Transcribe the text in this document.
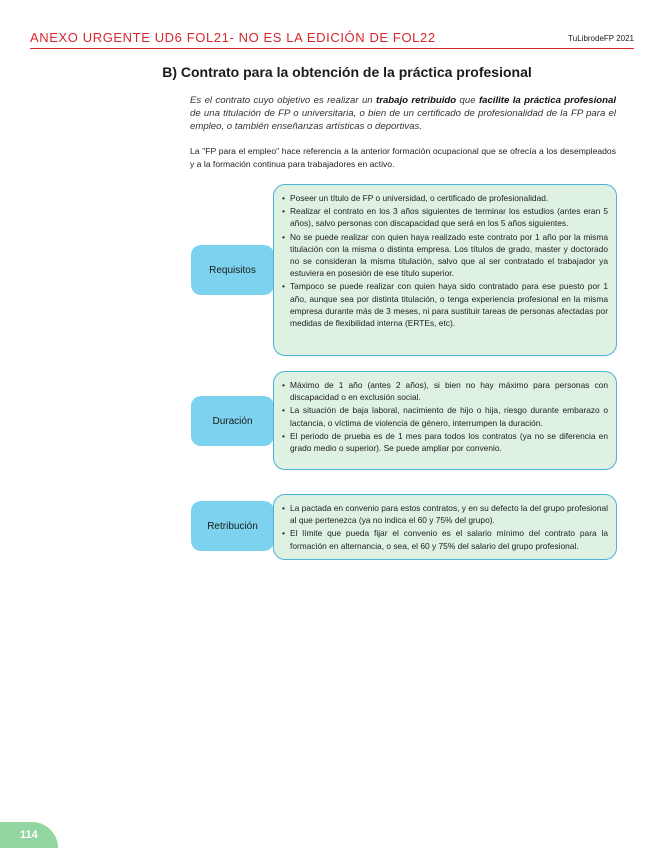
ANEXO URGENTE UD6 FOL21- NO ES LA EDICIÓN DE FOL22	TuLibrodeFP 2021
B) Contrato para la obtención de la práctica profesional
Es el contrato cuyo objetivo es realizar un trabajo retribuido que facilite la práctica profesional de una titulación de FP o universitaria, o bien de un certificado de profesionalidad de la FP para el empleo, o también enseñanzas artísticas o deportivas.
La "FP para el empleo" hace referencia a la anterior formación ocupacional que se ofrecía a los desempleados y a la formación continua para trabajadores en activo.
Requisitos
• Poseer un título de FP o universidad, o certificado de profesionalidad.
• Realizar el contrato en los 3 años siguientes de terminar los estudios (antes eran 5 años), salvo personas con discapacidad que será en los 5 años siguientes.
• No se puede realizar con quien haya realizado este contrato por 1 año por la misma titulación con la misma o distinta empresa. Los títulos de grado, master y doctorado no se consideran la misma titulación, salvo que al ser contratado el trabajador ya estuviera en posesión de ese título superior.
• Tampoco se puede realizar con quien haya sido contratado para ese puesto por 1 año, aunque sea por distinta titulación, o tenga experiencia profesional en la misma empresa durante más de 3 meses, ni para sustituir tareas de personas afectadas por medidas de flexibilidad interna (ERTEs, etc).
Duración
• Máximo de 1 año (antes 2 años), si bien no hay máximo para personas con discapacidad o en exclusión social.
• La situación de baja laboral, nacimiento de hijo o hija, riesgo durante embarazo o lactancia, o víctima de violencia de género, interrumpen la duración.
• El periodo de prueba es de 1 mes para todos los contratos (ya no se diferencia en grado medio o superior). Se puede ampliar por convenio.
Retribución
• La pactada en convenio para estos contratos, y en su defecto la del grupo profesional al que pertenezca (ya no indica el 60 y 75% del grupo).
• El límite que pueda fijar el convenio es el salario mínimo del contrato para la formación en alternancia, o sea, el 60 y 75% del salario del grupo profesional.
114
